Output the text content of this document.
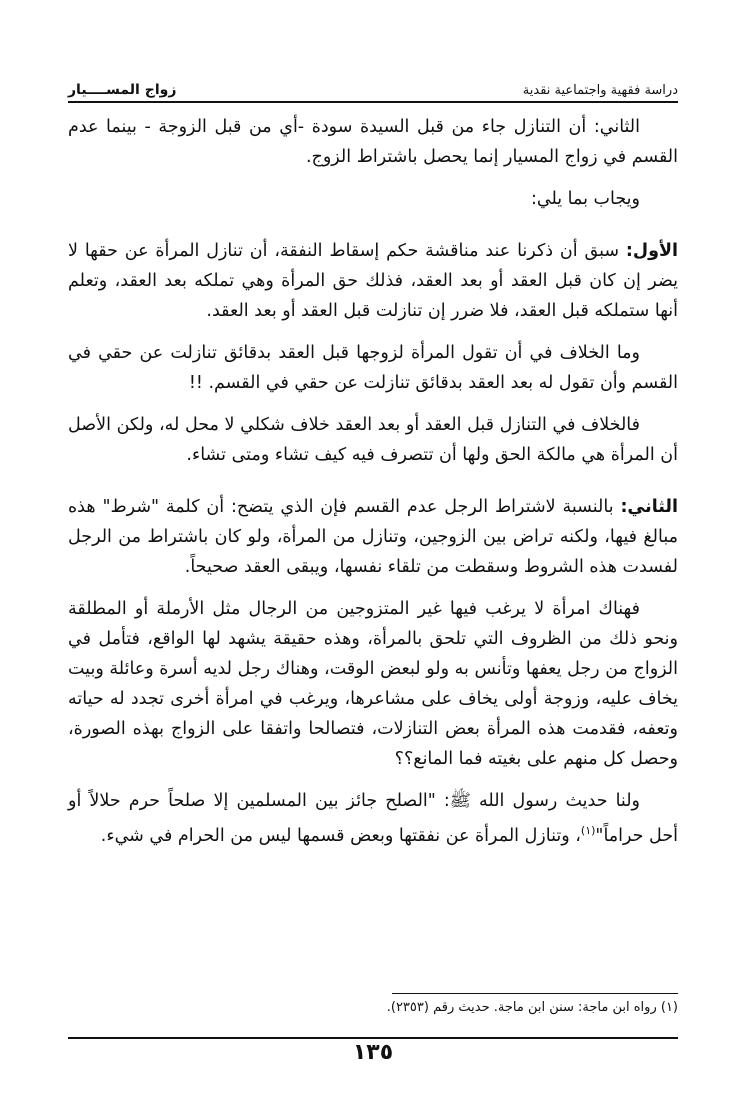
دراسة فقهية واجتماعية نقدية
زواج المســــيار

الثاني: أن التنازل جاء من قبل السيدة سودة -أي من قبل الزوجة - بينما عدم القسم في زواج المسيار إنما يحصل باشتراط الزوج.

ويجاب بما يلي:

الأول: سبق أن ذكرنا عند مناقشة حكم إسقاط النفقة، أن تنازل المرأة عن حقها لا يضر إن كان قبل العقد أو بعد العقد، فذلك حق المرأة وهي تملكه بعد العقد، وتعلم أنها ستملكه قبل العقد، فلا ضرر إن تنازلت قبل العقد أو بعد العقد.

وما الخلاف في أن تقول المرأة لزوجها قبل العقد بدقائق تنازلت عن حقي في القسم وأن تقول له بعد العقد بدقائق تنازلت عن حقي في القسم. !!

فالخلاف في التنازل قبل العقد أو بعد العقد خلاف شكلي لا محل له، ولكن الأصل أن المرأة هي مالكة الحق ولها أن تتصرف فيه كيف تشاء ومتى تشاء.

الثاني: بالنسبة لاشتراط الرجل عدم القسم فإن الذي يتضح: أن كلمة "شرط" هذه مبالغ فيها، ولكنه تراض بين الزوجين، وتنازل من المرأة، ولو كان باشتراط من الرجل لفسدت هذه الشروط وسقطت من تلقاء نفسها، ويبقى العقد صحيحاً.

فهناك امرأة لا يرغب فيها غير المتزوجين من الرجال مثل الأرملة أو المطلقة ونحو ذلك من الظروف التي تلحق بالمرأة، وهذه حقيقة يشهد لها الواقع، فتأمل في الزواج من رجل يعفها وتأنس به ولو لبعض الوقت، وهناك رجل لديه أسرة وعائلة وبيت يخاف عليه، وزوجة أولى يخاف على مشاعرها، ويرغب في امرأة أخرى تجدد له حياته وتعفه، فقدمت هذه المرأة بعض التنازلات، فتصالحا واتفقا على الزواج بهذه الصورة، وحصل كل منهم على بغيته فما المانع؟؟

ولنا حديث رسول الله ﷺ: "الصلح جائز بين المسلمين إلا صلحاً حرم حلالاً أو أحل حراماً"$^{(١)}$، وتنازل المرأة عن نفقتها وبعض قسمها ليس من الحرام في شيء.

(١) رواه ابن ماجة: سنن ابن ماجة. حديث رقم (٢٣٥٣).
١٣٥
